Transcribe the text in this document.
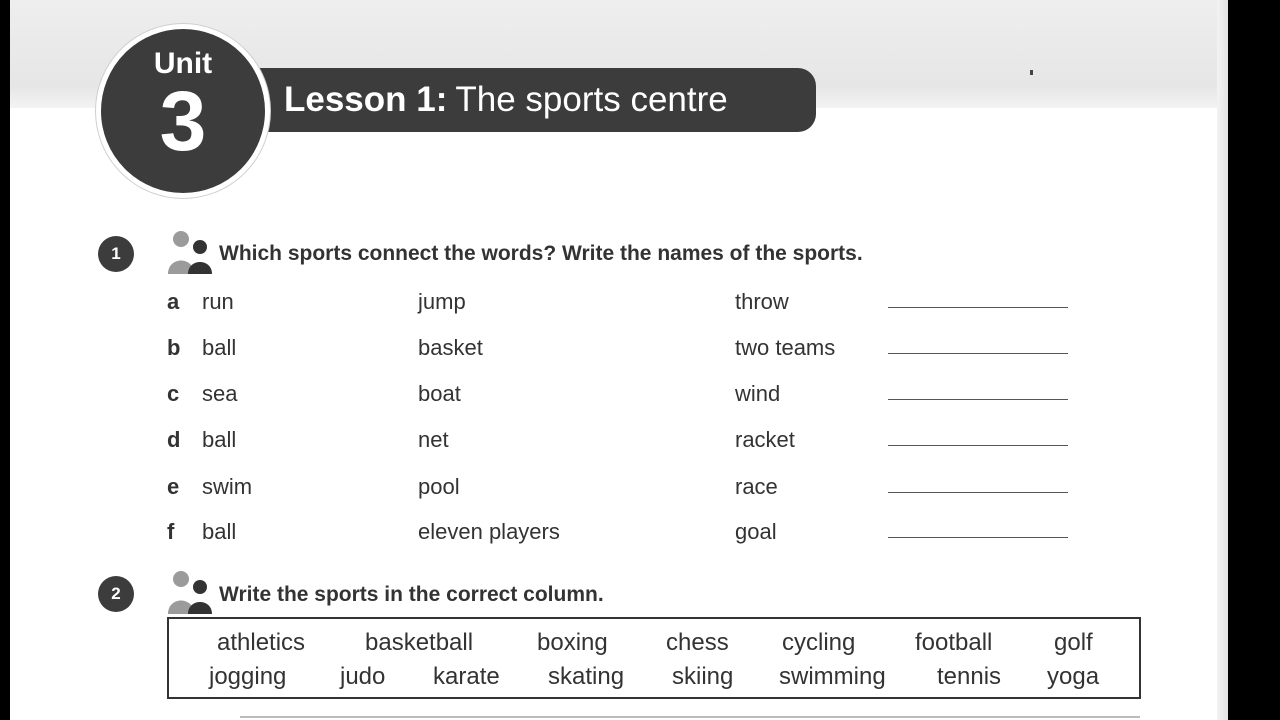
Unit
3	Lesson 1: The sports centre
1	Which sports connect the words? Write the names of the sports.
a run	jump	throw
b ball	basket	two teams
c sea	boat	wind
d ball	net	racket
e swim	pool	race
f ball	eleven players	goal
2	Write the sports in the correct column.
athletics basketball	boxing chess cycling football	golf
jogging judo karate skating skiing swimming tennis yoga
